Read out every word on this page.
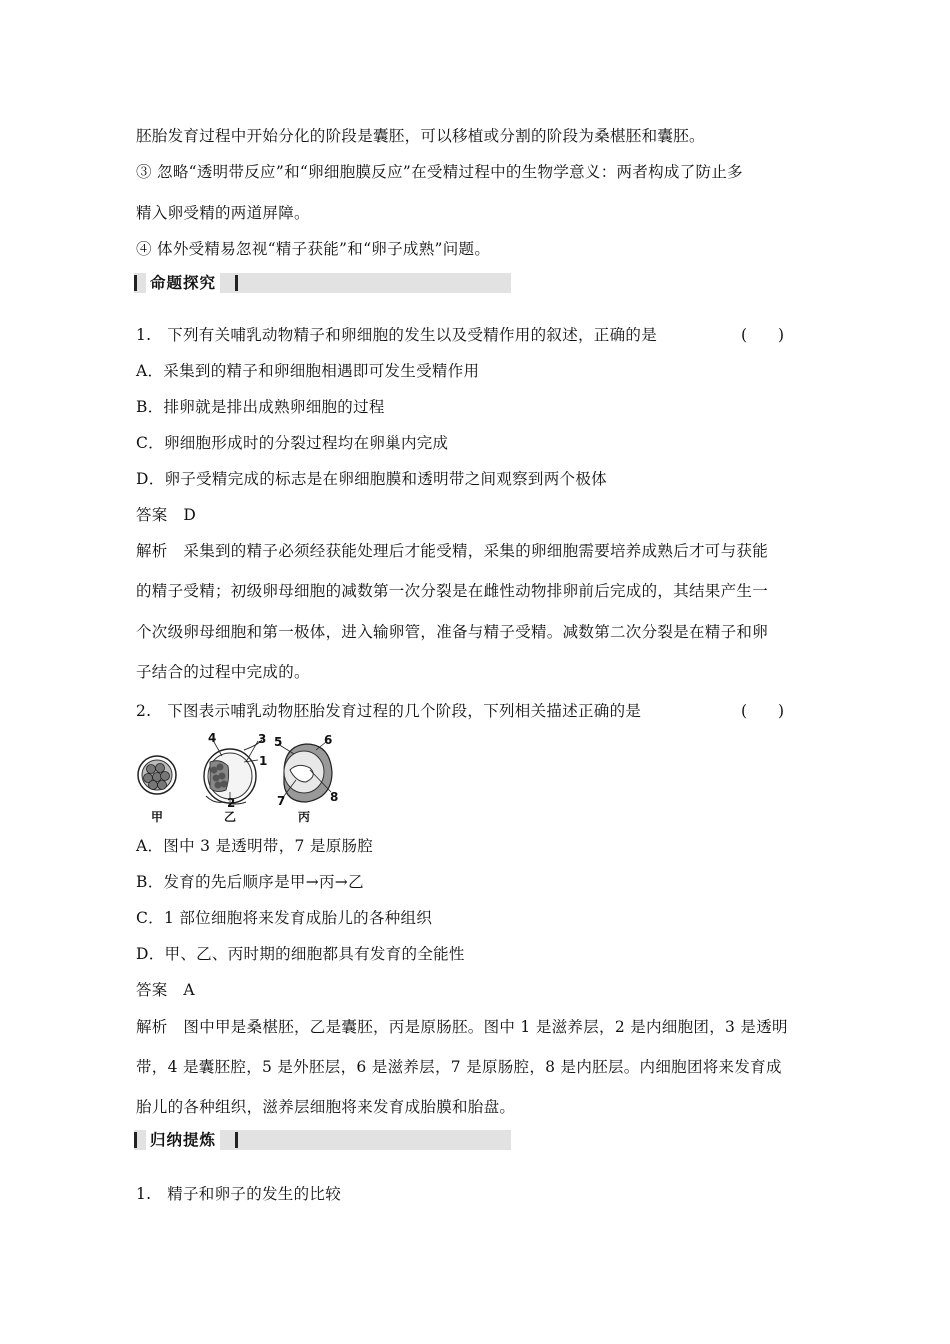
胚胎发育过程中开始分化的阶段是囊胚，可以移植或分割的阶段为桑椹胚和囊胚。
③ 忽略“透明带反应”和“卵细胞膜反应”在受精过程中的生物学意义：两者构成了防止多
精入卵受精的两道屏障。
④ 体外受精易忽视“精子获能”和“卵子成熟”问题。
命题探究
1.　下列有关哺乳动物精子和卵细胞的发生以及受精作用的叙述，正确的是	(　　)
A．采集到的精子和卵细胞相遇即可发生受精作用
B．排卵就是排出成熟卵细胞的过程
C．卵细胞形成时的分裂过程均在卵巢内完成
D．卵子受精完成的标志是在卵细胞膜和透明带之间观察到两个极体
答案　D
解析　采集到的精子必须经获能处理后才能受精，采集的卵细胞需要培养成熟后才可与获能
的精子受精；初级卵母细胞的减数第一次分裂是在雌性动物排卵前后完成的，其结果产生一
个次级卵母细胞和第一极体，进入输卵管，准备与精子受精。减数第二次分裂是在精子和卵
子结合的过程中完成的。
2.　下图表示哺乳动物胚胎发育过程的几个阶段，下列相关描述正确的是	(　　)
甲	乙	丙
4	3
1
2
5	6
7	8
A．图中 3 是透明带，7 是原肠腔
B．发育的先后顺序是甲→丙→乙
C．1 部位细胞将来发育成胎儿的各种组织
D．甲、乙、丙时期的细胞都具有发育的全能性
答案　A
解析　图中甲是桑椹胚，乙是囊胚，丙是原肠胚。图中 1 是滋养层，2 是内细胞团，3 是透明
带，4 是囊胚腔，5 是外胚层，6 是滋养层，7 是原肠腔，8 是内胚层。内细胞团将来发育成
胎儿的各种组织，滋养层细胞将来发育成胎膜和胎盘。
归纳提炼
1.　精子和卵子的发生的比较
